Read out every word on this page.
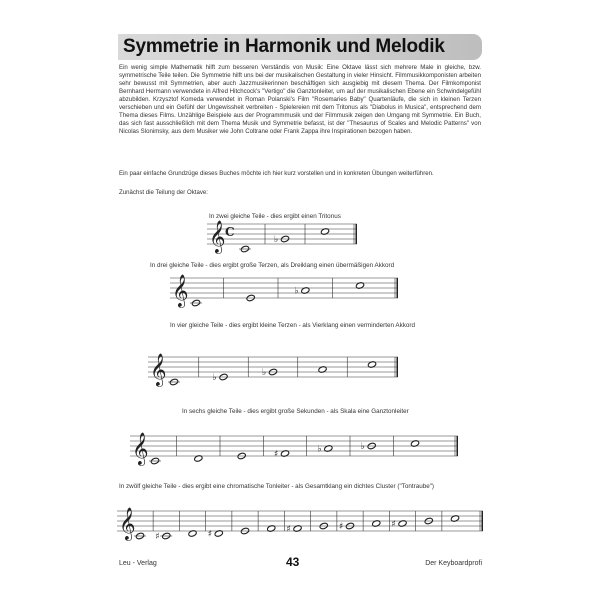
Symmetrie in Harmonik und Melodik
Ein wenig simple Mathematik hilft zum besseren Verständis von Musik: Eine Oktave lässt sich mehrere Male in gleiche, bzw. symmetrische Teile teilen. Die Symmetrie hilft uns bei der musikalischen Gestaltung in vieler Hinsicht. Filmmusikkomponisten arbeiten sehr bewusst mit Symmetrien, aber auch Jazzmusikerinnen beschäftigen sich ausgiebig mit diesem Thema. Der Filmkomponist Bernhard Hermann verwendete in Alfred Hitchcock's "Vertigo" die Ganztonleiter, um auf der musikalischen Ebene ein Schwindelgefühl abzubilden. Krzysztof Komeda verwendet in Roman Polanski's Film "Rosemaries Baby" Quartenläufe, die sich in kleinen Terzen verschieben und ein Gefühl der Ungewissheit verbreiten - Spielereien mit dem Tritonus als "Diabolus in Musica", entsprechend dem Thema dieses Films. Unzählige Beispiele aus der Programmmusik und der Filmmusik zeigen den Umgang mit Symmetrie. Ein Buch, das sich fast ausschließlich mit dem Thema Musik und Symmetrie befasst, ist der "Thesaurus of Scales and Melodic Patterns" von Nicolas Slonimsky, aus dem Musiker wie John Coltrane oder Frank Zappa ihre Inspirationen bezogen haben.
Ein paar einfache Grundzüge dieses Buches möchte ich hier kurz vorstellen und in konkreten Übungen weiterführen.
Zunächst die Teilung der Oktave:
In zwei gleiche Teile - dies ergibt einen Tritonus
In drei gleiche Teile - dies ergibt große Terzen, als Dreiklang einen übermäßigen Akkord
In vier gleiche Teile - dies ergibt kleine Terzen - als Vierklang einen verminderten Akkord
In sechs gleiche Teile - dies ergibt große Sekunden - als Skala eine Ganztonleiter
In zwölf gleiche Teile - dies ergibt eine chromatische Tonleiter - als Gesamtklang ein dichtes Cluster ("Tontraube")
𝄞 C
♭
𝄞	♭
𝄞	♭	♭
𝄞	♯	♭	♭
𝄞 ♯	♯	♯	♯	♯
Leu - Verlag	43	Der Keyboardprofi
